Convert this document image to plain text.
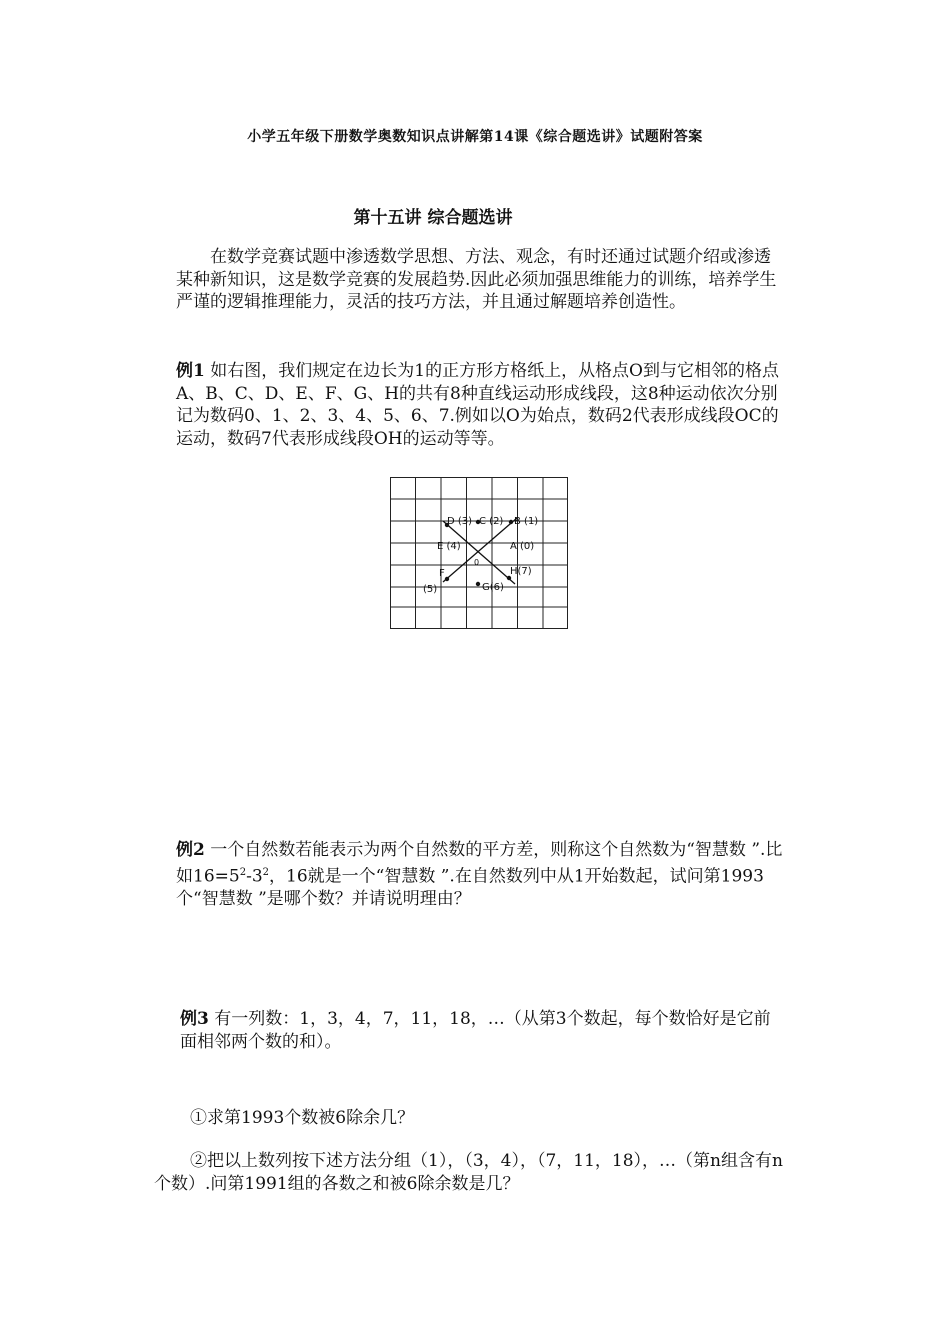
小学五年级下册数学奥数知识点讲解第14课《综合题选讲》试题附答案
第十五讲 综合题选讲
在数学竞赛试题中渗透数学思想、方法、观念，有时还通过试题介绍或渗透某种新知识，这是数学竞赛的发展趋势.因此必须加强思维能力的训练，培养学生严谨的逻辑推理能力，灵活的技巧方法，并且通过解题培养创造性。
例1 如右图，我们规定在边长为1的正方形方格纸上，从格点O到与它相邻的格点A、B、C、D、E、F、G、H的共有8种直线运动形成线段，这8种运动依次分别记为数码0、1、2、3、4、5、6、7.例如以O为始点，数码2代表形成线段OC的运动，数码7代表形成线段OH的运动等等。
D (3) C (2) B (1)
E (4)	A (0)
0
F	H(7)
(5)	G(6)
例2 一个自然数若能表示为两个自然数的平方差，则称这个自然数为“智慧数 ”.比如$16=5^2-3^2$，16就是一个“智慧数 ”.在自然数列中从1开始数起，试问第1993个“智慧数 ”是哪个数？并请说明理由？
例3 有一列数：1，3，4，7，11，18，…（从第3个数起，每个数恰好是它前面相邻两个数的和）。
①求第1993个数被6除余几？
②把以上数列按下述方法分组（1），（3，4），（7，11，18），…（第n组含有n个数）.问第1991组的各数之和被6除余数是几？
